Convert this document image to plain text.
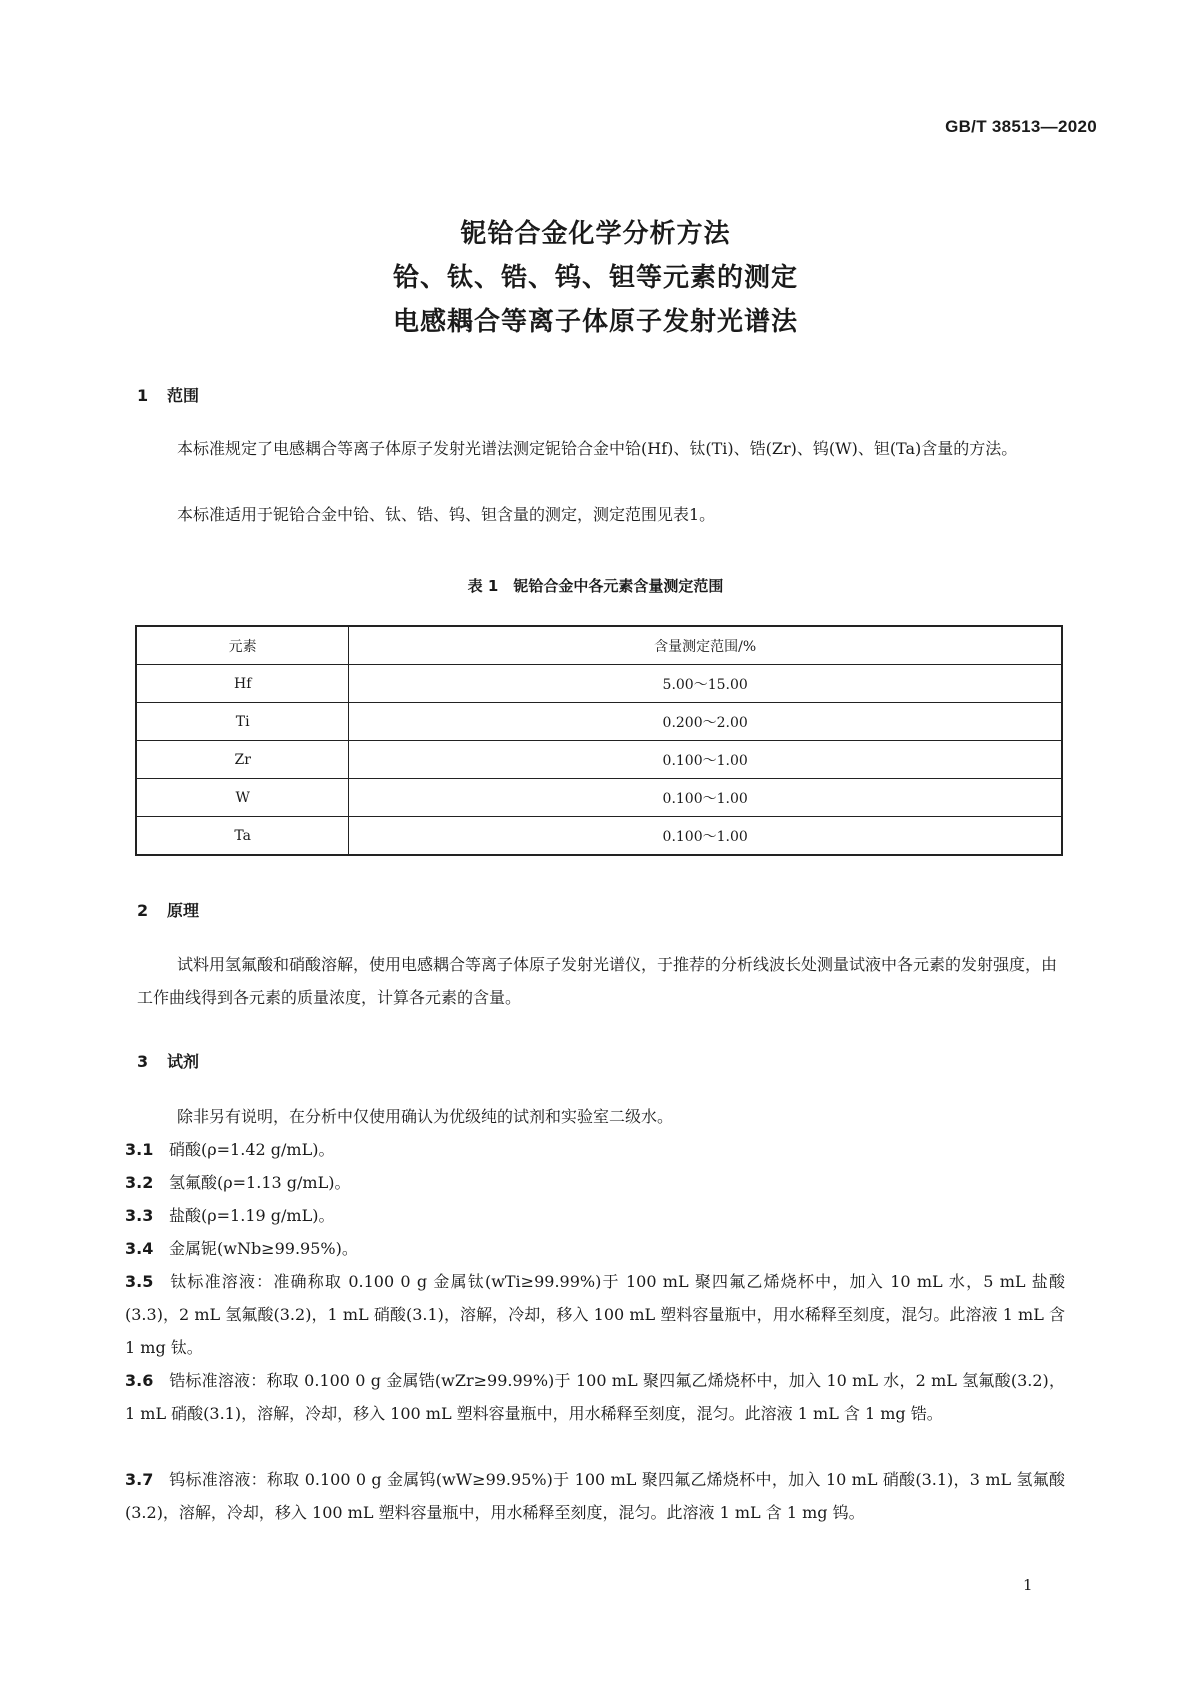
GB/T 38513—2020
铌铪合金化学分析方法
铪、钛、锆、钨、钽等元素的测定
电感耦合等离子体原子发射光谱法
1 范围
本标准规定了电感耦合等离子体原子发射光谱法测定铌铪合金中铪(Hf)、钛(Ti)、锆(Zr)、钨(W)、钽(Ta)含量的方法。
本标准适用于铌铪合金中铪、钛、锆、钨、钽含量的测定，测定范围见表1。
表 1　铌铪合金中各元素含量测定范围
元素	含量测定范围/%
Hf	5.00～15.00
Ti	0.200～2.00
Zr	0.100～1.00
W	0.100～1.00
Ta	0.100～1.00
2 原理
试料用氢氟酸和硝酸溶解，使用电感耦合等离子体原子发射光谱仪，于推荐的分析线波长处测量试液中各元素的发射强度，由工作曲线得到各元素的质量浓度，计算各元素的含量。
3 试剂
除非另有说明，在分析中仅使用确认为优级纯的试剂和实验室二级水。
3.1 硝酸(ρ=1.42 g/mL)。
3.2 氢氟酸(ρ=1.13 g/mL)。
3.3 盐酸(ρ=1.19 g/mL)。
3.4 金属铌(wNb≥99.95%)。
3.5 钛标准溶液：准确称取 0.100 0 g 金属钛(wTi≥99.99%)于 100 mL 聚四氟乙烯烧杯中，加入 10 mL 水，5 mL 盐酸(3.3)，2 mL 氢氟酸(3.2)，1 mL 硝酸(3.1)，溶解，冷却，移入 100 mL 塑料容量瓶中，用水稀释至刻度，混匀。此溶液 1 mL 含 1 mg 钛。
3.6 锆标准溶液：称取 0.100 0 g 金属锆(wZr≥99.99%)于 100 mL 聚四氟乙烯烧杯中，加入 10 mL 水，2 mL 氢氟酸(3.2)，1 mL 硝酸(3.1)，溶解，冷却，移入 100 mL 塑料容量瓶中，用水稀释至刻度，混匀。此溶液 1 mL 含 1 mg 锆。
3.7 钨标准溶液：称取 0.100 0 g 金属钨(wW≥99.95%)于 100 mL 聚四氟乙烯烧杯中，加入 10 mL 硝酸(3.1)，3 mL 氢氟酸(3.2)，溶解，冷却，移入 100 mL 塑料容量瓶中，用水稀释至刻度，混匀。此溶液 1 mL 含 1 mg 钨。
1
